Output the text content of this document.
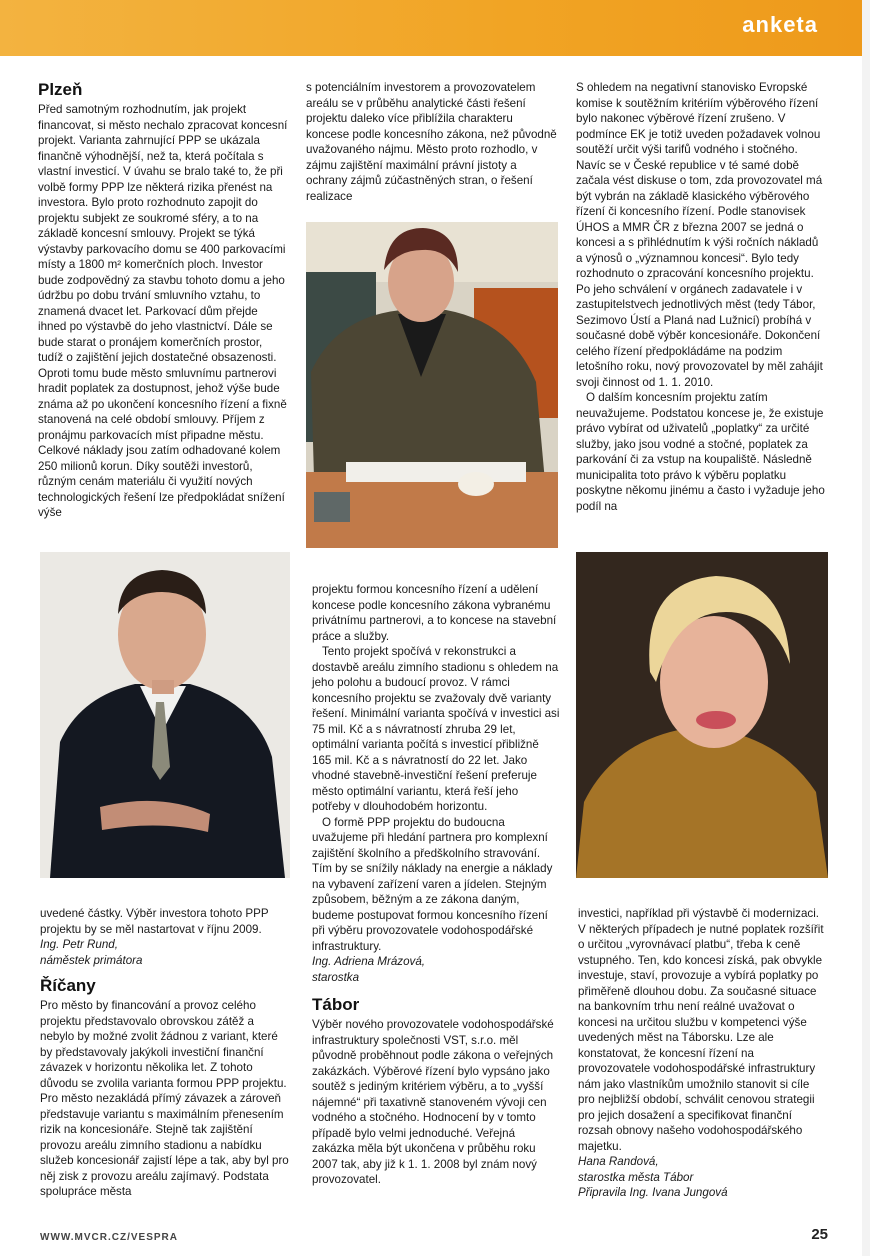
anketa
Plzeň

Před samotným rozhodnutím, jak projekt financovat, si město nechalo zpracovat koncesní projekt. Varianta zahrnující PPP se ukázala finančně výhodnější, než ta, která počítala s vlastní investicí. V úvahu se bralo také to, že při volbě formy PPP lze některá rizika přenést na investora. Bylo proto rozhodnuto zapojit do projektu subjekt ze soukromé sféry, a to na základě koncesní smlouvy. Projekt se týká výstavby parkovacího domu se 400 parkovacími místy a 1800 m² komerčních ploch. Investor bude zodpovědný za stavbu tohoto domu a jeho údržbu po dobu trvání smluvního vztahu, to znamená dvacet let. Parkovací dům přejde ihned po výstavbě do jeho vlastnictví. Dále se bude starat o pronájem komerčních prostor, tudíž o zajištění jejich dostatečné obsazenosti. Oproti tomu bude město smluvnímu partnerovi hradit poplatek za dostupnost, jehož výše bude známa až po ukončení koncesního řízení a fixně stanovená na celé období smlouvy. Příjem z pronájmu parkovacích míst připadne městu. Celkové náklady jsou zatím odhadované kolem 250 milionů korun. Díky soutěži investorů, různým cenám materiálu či využití nových technologických řešení lze předpokládat snížení výše

uvedené částky. Výběr investora tohoto PPP projektu by se měl nastartovat v říjnu 2009.

Ing. Petr Rund,
náměstek primátora
Říčany

Pro město by financování a provoz celého projektu představovalo obrovskou zátěž a nebylo by možné zvolit žádnou z variant, které by představovaly jakýkoli investiční finanční závazek v horizontu několika let. Z tohoto důvodu se zvolila varianta formou PPP projektu. Pro město nezakládá přímý závazek a zároveň představuje variantu s maximálním přenesením rizik na koncesionáře. Stejně tak zajištění provozu areálu zimního stadionu a nabídku služeb koncesionář zajistí lépe a tak, aby byl pro něj zisk z provozu areálu zajímavý. Podstata spolupráce města

s potenciálním investorem a provozovatelem areálu se v průběhu analytické části řešení projektu daleko více přiblížila charakteru koncese podle koncesního zákona, než původně uvažovaného nájmu. Město proto rozhodlo, v zájmu zajištění maximální právní jistoty a ochrany zájmů zúčastněných stran, o řešení realizace

projektu formou koncesního řízení a udělení koncese podle koncesního zákona vybranému privátnímu partnerovi, a to koncese na stavební práce a služby.

Tento projekt spočívá v rekonstrukci a dostavbě areálu zimního stadionu s ohledem na jeho polohu a budoucí provoz. V rámci koncesního projektu se zvažovaly dvě varianty řešení. Minimální varianta spočívá v investici asi 75 mil. Kč a s návratností zhruba 29 let, optimální varianta počítá s investicí přibližně 165 mil. Kč a s návratností do 22 let. Jako vhodné stavebně-investiční řešení preferuje město optimální variantu, která řeší jeho potřeby v dlouhodobém horizontu.

O formě PPP projektu do budoucna uvažujeme při hledání partnera pro komplexní zajištění školního a předškolního stravování. Tím by se snížily náklady na energie a náklady na vybavení zařízení varen a jídelen. Stejným způsobem, běžným a ze zákona daným, budeme postupovat formou koncesního řízení při výběru provozovatele vodohospodářské infrastruktury.

Ing. Adriena Mrázová,
starostka
Tábor

Výběr nového provozovatele vodohospodářské infrastruktury společnosti VST, s.r.o. měl původně proběhnout podle zákona o veřejných zakázkách. Výběrové řízení bylo vypsáno jako soutěž s jediným kritériem výběru, a to „vyšší nájemné“ při taxativně stanoveném vývoji cen vodného a stočného. Hodnocení by v tomto případě bylo velmi jednoduché. Veřejná zakázka měla být ukončena v průběhu roku 2007 tak, aby již k 1. 1. 2008 byl znám nový provozovatel.

S ohledem na negativní stanovisko Evropské komise k soutěžním kritériím výběrového řízení bylo nakonec výběrové řízení zrušeno. V podmínce EK je totiž uveden požadavek volnou soutěží určit výši tarifů vodného i stočného. Navíc se v České republice v té samé době začala vést diskuse o tom, zda provozovatel má být vybrán na základě klasického výběrového řízení či koncesního řízení. Podle stanovisek ÚHOS a MMR ČR z března 2007 se jedná o koncesi a s přihlédnutím k výši ročních nákladů a výnosů o „významnou koncesi“. Bylo tedy rozhodnuto o zpracování koncesního projektu. Po jeho schválení v orgánech zadavatele i v zastupitelstvech jednotlivých měst (tedy Tábor, Sezimovo Ústí a Planá nad Lužnicí) probíhá v současné době výběr koncesionáře. Dokončení celého řízení předpokládáme na podzim letošního roku, nový provozovatel by měl zahájit svoji činnost od 1. 1. 2010.

O dalším koncesním projektu zatím neuvažujeme. Podstatou koncese je, že existuje právo vybírat od uživatelů „poplatky“ za určité služby, jako jsou vodné a stočné, poplatek za parkování či za vstup na koupaliště. Následně municipalita toto právo k výběru poplatku poskytne někomu jinému a často i vyžaduje jeho podíl na

investici, například při výstavbě či modernizaci. V některých případech je nutné poplatek rozšířit o určitou „vyrovnávací platbu“, třeba k ceně vstupného. Ten, kdo koncesi získá, pak obvykle investuje, staví, provozuje a vybírá poplatky po přiměřeně dlouhou dobu. Za současné situace na bankovním trhu není reálné uvažovat o koncesi na určitou službu v kompetenci výše uvedených měst na Táborsku. Lze ale konstatovat, že koncesní řízení na provozovatele vodohospodářské infrastruktury nám jako vlastníkům umožnilo stanovit si cíle pro nejbližší období, schválit cenovou strategii pro jejich dosažení a specifikovat finanční rozsah obnovy našeho vodohospodářského majetku.

Hana Randová,
starostka města Tábor
Připravila Ing. Ivana Jungová
WWW.MVCR.CZ/VESPRA	25
